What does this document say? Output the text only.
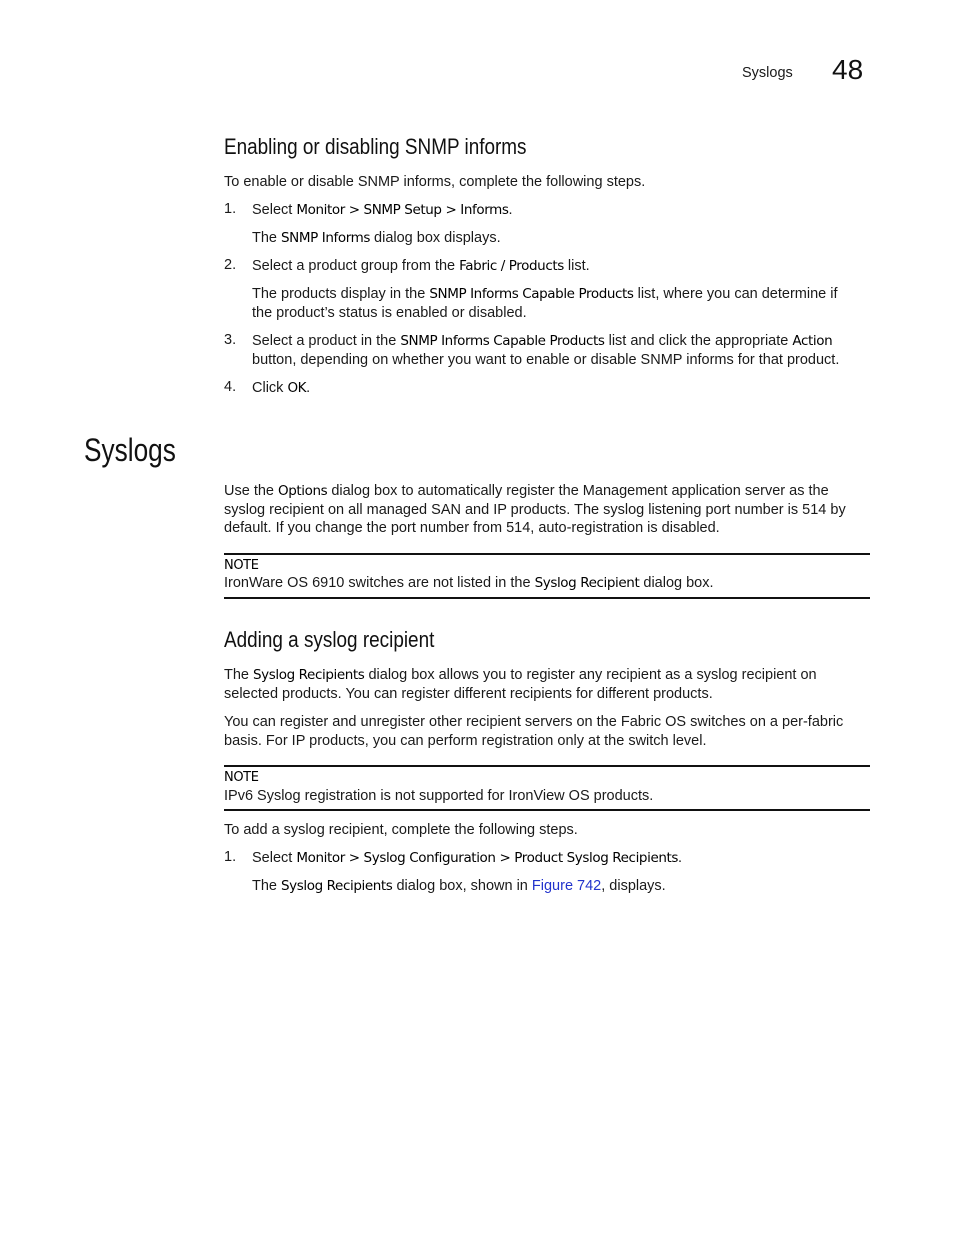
Syslogs 48
Enabling or disabling SNMP informs
To enable or disable SNMP informs, complete the following steps.
1. Select Monitor > SNMP Setup > Informs.
The SNMP Informs dialog box displays.
2. Select a product group from the Fabric / Products list.
The products display in the SNMP Informs Capable Products list, where you can determine if
the product’s status is enabled or disabled.
3. Select a product in the SNMP Informs Capable Products list and click the appropriate Action
button, depending on whether you want to enable or disable SNMP informs for that product.
4. Click OK.
Syslogs
Use the Options dialog box to automatically register the Management application server as the
syslog recipient on all managed SAN and IP products. The syslog listening port number is 514 by
default. If you change the port number from 514, auto-registration is disabled.
NOTE
IronWare OS 6910 switches are not listed in the Syslog Recipient dialog box.
Adding a syslog recipient
The Syslog Recipients dialog box allows you to register any recipient as a syslog recipient on
selected products. You can register different recipients for different products.
You can register and unregister other recipient servers on the Fabric OS switches on a per-fabric
basis. For IP products, you can perform registration only at the switch level.
NOTE
IPv6 Syslog registration is not supported for IronView OS products.
To add a syslog recipient, complete the following steps.
1. Select Monitor > Syslog Configuration > Product Syslog Recipients.
The Syslog Recipients dialog box, shown in Figure 742, displays.
